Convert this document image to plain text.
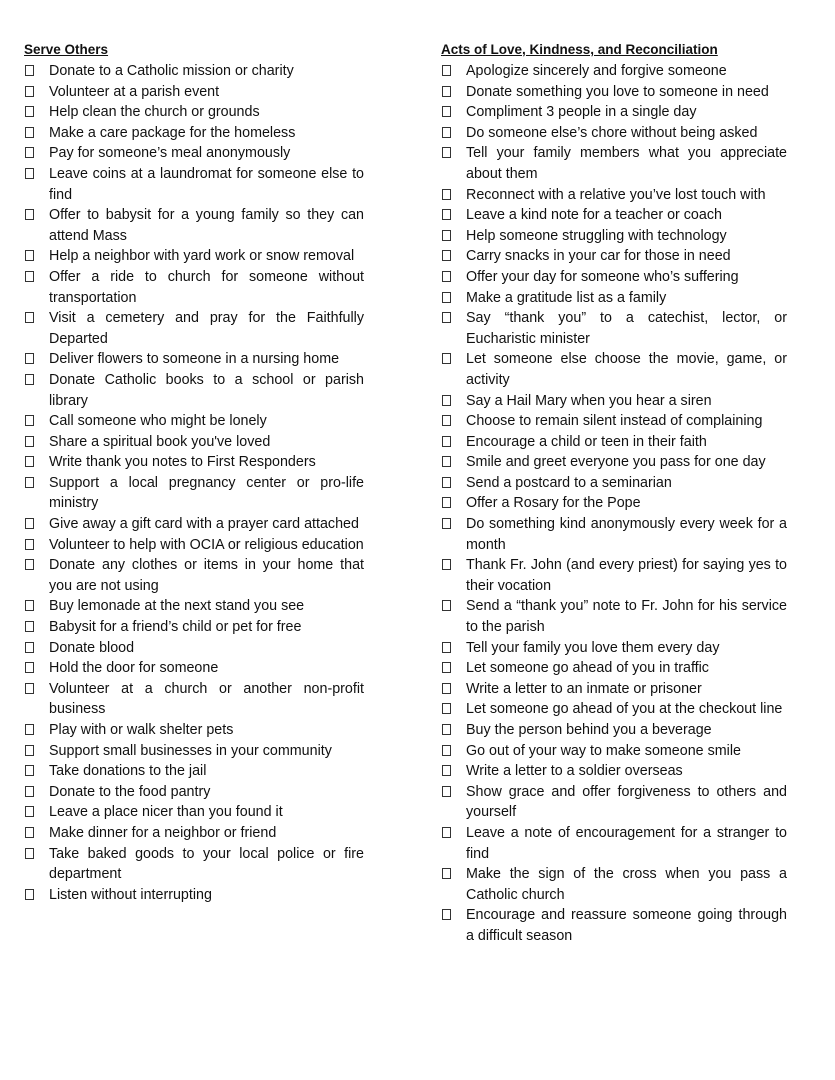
Serve Others

Donate to a Catholic mission or charity
Volunteer at a parish event
Help clean the church or grounds
Make a care package for the homeless
Pay for someone’s meal anonymously
Leave coins at a laundromat for someone else to find
Offer to babysit for a young family so they can attend Mass
Help a neighbor with yard work or snow removal
Offer a ride to church for someone without transportation
Visit a cemetery and pray for the Faithfully Departed
Deliver flowers to someone in a nursing home
Donate Catholic books to a school or parish library
Call someone who might be lonely
Share a spiritual book you've loved
Write thank you notes to First Responders
Support a local pregnancy center or pro-life ministry
Give away a gift card with a prayer card attached
Volunteer to help with OCIA or religious education
Donate any clothes or items in your home that you are not using
Buy lemonade at the next stand you see
Babysit for a friend’s child or pet for free
Donate blood
Hold the door for someone
Volunteer at a church or another non-profit business
Play with or walk shelter pets
Support small businesses in your community
Take donations to the jail
Donate to the food pantry
Leave a place nicer than you found it
Make dinner for a neighbor or friend
Take baked goods to your local police or fire department
Listen without interrupting

Acts of Love, Kindness, and Reconciliation

Apologize sincerely and forgive someone
Donate something you love to someone in need
Compliment 3 people in a single day
Do someone else’s chore without being asked
Tell your family members what you appreciate about them
Reconnect with a relative you’ve lost touch with
Leave a kind note for a teacher or coach
Help someone struggling with technology
Carry snacks in your car for those in need
Offer your day for someone who’s suffering
Make a gratitude list as a family
Say “thank you” to a catechist, lector, or Eucharistic minister
Let someone else choose the movie, game, or activity
Say a Hail Mary when you hear a siren
Choose to remain silent instead of complaining
Encourage a child or teen in their faith
Smile and greet everyone you pass for one day
Send a postcard to a seminarian
Offer a Rosary for the Pope
Do something kind anonymously every week for a month
Thank Fr. John (and every priest) for saying yes to their vocation
Send a “thank you” note to Fr. John for his service to the parish
Tell your family you love them every day
Let someone go ahead of you in traffic
Write a letter to an inmate or prisoner
Let someone go ahead of you at the checkout line
Buy the person behind you a beverage
Go out of your way to make someone smile
Write a letter to a soldier overseas
Show grace and offer forgiveness to others and yourself
Leave a note of encouragement for a stranger to find
Make the sign of the cross when you pass a Catholic church
Encourage and reassure someone going through a difficult season
